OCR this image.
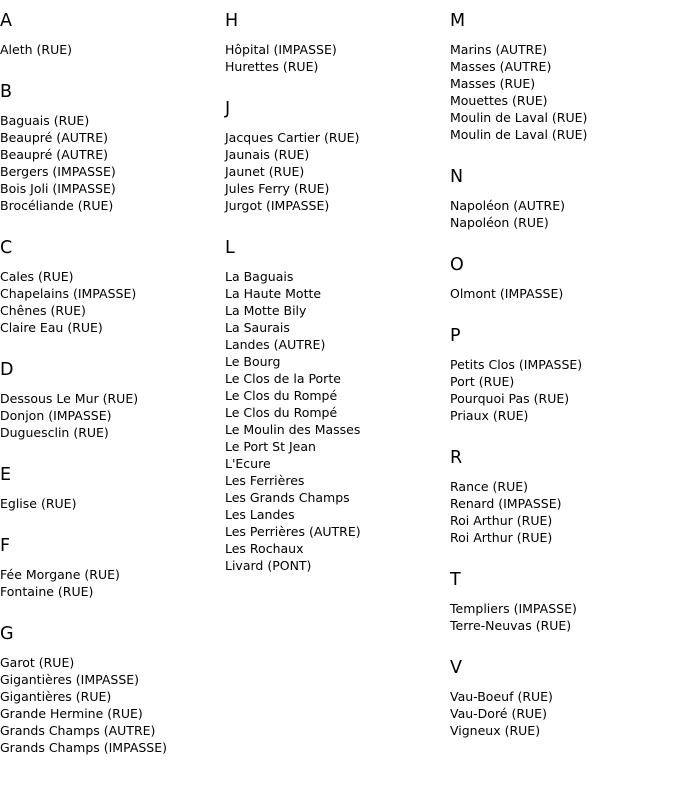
A
Aleth (RUE)
B
Baguais (RUE)
Beaupré (AUTRE)
Beaupré (AUTRE)
Bergers (IMPASSE)
Bois Joli (IMPASSE)
Brocéliande (RUE)
C
Cales (RUE)
Chapelains (IMPASSE)
Chênes (RUE)
Claire Eau (RUE)
D
Dessous Le Mur (RUE)
Donjon (IMPASSE)
Duguesclin (RUE)
E
Eglise (RUE)
F
Fée Morgane (RUE)
Fontaine (RUE)
G
Garot (RUE)
Gigantières (IMPASSE)
Gigantières (RUE)
Grande Hermine (RUE)
Grands Champs (AUTRE)
Grands Champs (IMPASSE)
H
Hôpital (IMPASSE)
Hurettes (RUE)
J
Jacques Cartier (RUE)
Jaunais (RUE)
Jaunet (RUE)
Jules Ferry (RUE)
Jurgot (IMPASSE)
L
La Baguais
La Haute Motte
La Motte Bily
La Saurais
Landes (AUTRE)
Le Bourg
Le Clos de la Porte
Le Clos du Rompé
Le Clos du Rompé
Le Moulin des Masses
Le Port St Jean
L'Ecure
Les Ferrières
Les Grands Champs
Les Landes
Les Perrières (AUTRE)
Les Rochaux
Livard (PONT)
M
Marins (AUTRE)
Masses (AUTRE)
Masses (RUE)
Mouettes (RUE)
Moulin de Laval (RUE)
Moulin de Laval (RUE)
N
Napoléon (AUTRE)
Napoléon (RUE)
O
Olmont (IMPASSE)
P
Petits Clos (IMPASSE)
Port (RUE)
Pourquoi Pas (RUE)
Priaux (RUE)
R
Rance (RUE)
Renard (IMPASSE)
Roi Arthur (RUE)
Roi Arthur (RUE)
T
Templiers (IMPASSE)
Terre-Neuvas (RUE)
V
Vau-Boeuf (RUE)
Vau-Doré (RUE)
Vigneux (RUE)
